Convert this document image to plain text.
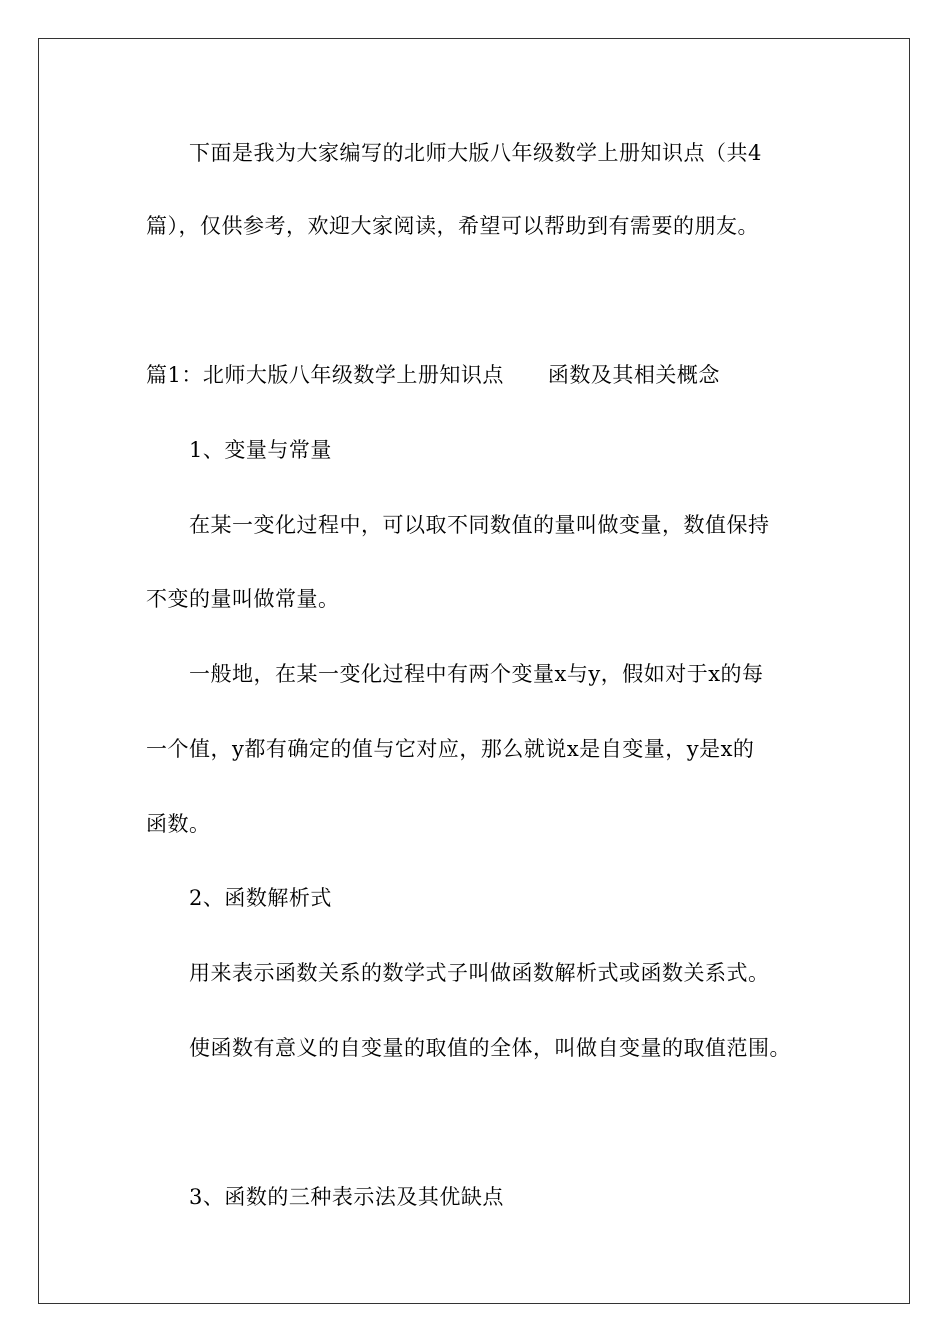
下面是我为大家编写的北师大版八年级数学上册知识点（共4
篇），仅供参考，欢迎大家阅读，希望可以帮助到有需要的朋友。
篇1：北师大版八年级数学上册知识点 函数及其相关概念
1、变量与常量
在某一变化过程中，可以取不同数值的量叫做变量，数值保持
不变的量叫做常量。
一般地，在某一变化过程中有两个变量x与y，假如对于x的每
一个值，y都有确定的值与它对应，那么就说x是自变量，y是x的
函数。
2、函数解析式
用来表示函数关系的数学式子叫做函数解析式或函数关系式。
使函数有意义的自变量的取值的全体，叫做自变量的取值范围。
3、函数的三种表示法及其优缺点
